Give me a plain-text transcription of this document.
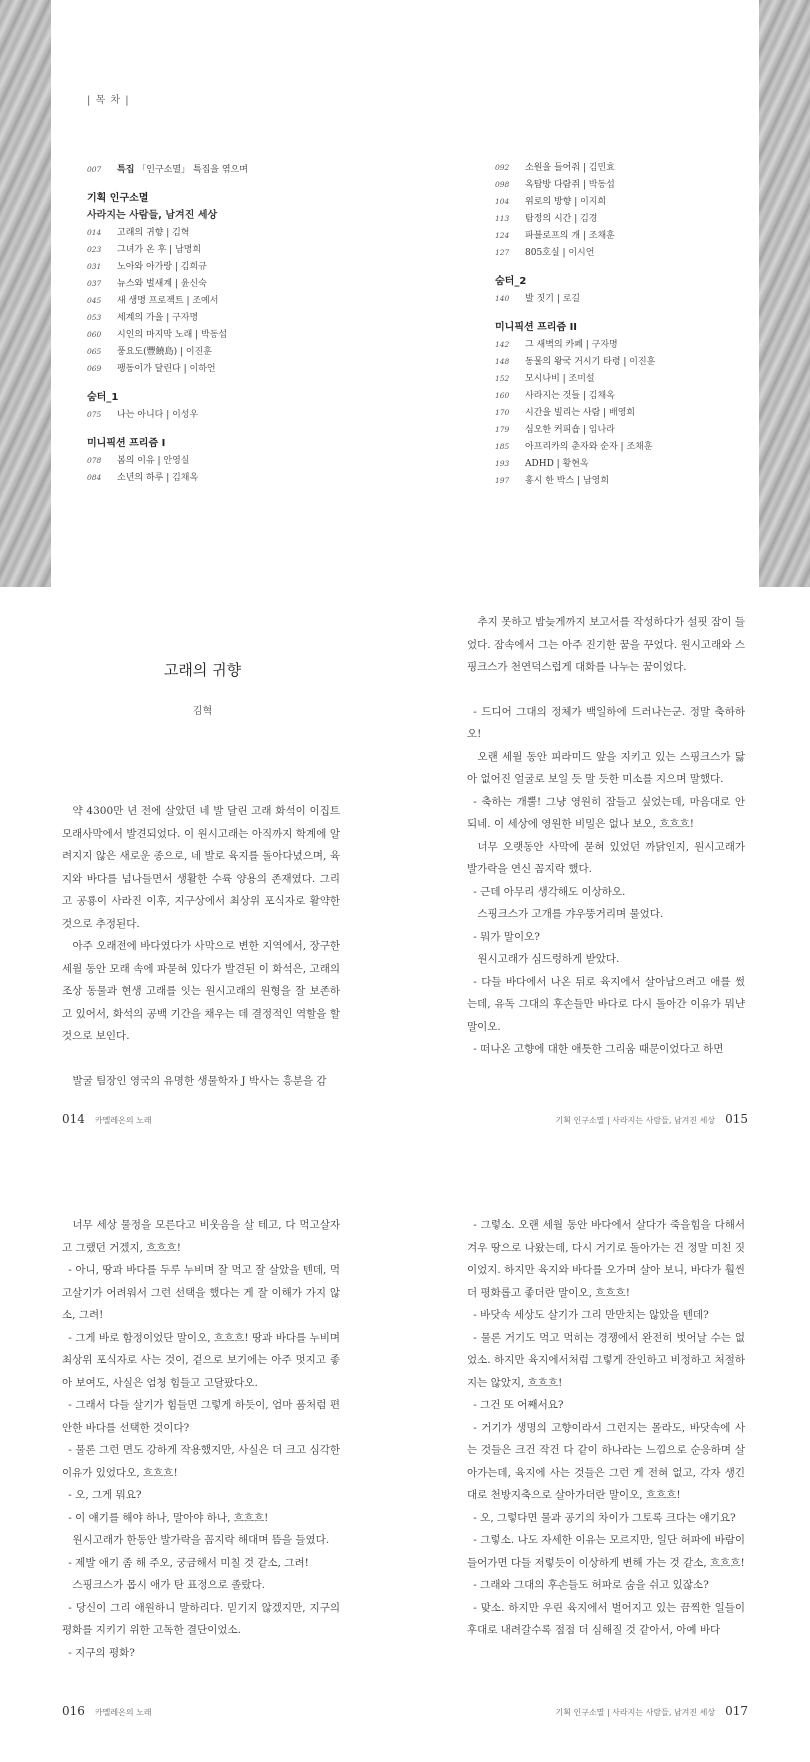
| 목 차 |
007	특집 「인구소멸」 특집을 엮으며
기획 인구소멸
사라지는 사람들, 남겨진 세상
014	고래의 귀향 | 김혁
023	그녀가 온 후 | 남명희
031	노아와 아가랑 | 김희규
037	뉴스와 벌새계 | 윤신숙
045	새 생명 프로젝트 | 조예서
053	세계의 가을 | 구자명
060	시인의 마지막 노래 | 박동섭
065	풍요도(豐饒島) | 이진훈
069	팽동이가 달린다 | 이하언
숨터_1
075	나는 아니다 | 이성우
미니픽션 프리즘 I
078	봄의 이유 | 안영실
084	소년의 하루 | 김채옥
092	소원을 들어줘 | 김민효
098	옥탑방 다람쥐 | 박동섭
104	위로의 방향 | 이지희
113	탐정의 시간 | 김경
124	파블로프의 개 | 조채훈
127	805호실 | 이시언
숨터_2
140	발 짓기 | 로길
미니픽션 프리즘 II
142	그 새벽의 카페 | 구자명
148	동물의 왕국 거시기 타령 | 이진훈
152	모시나비 | 조미설
160	사라지는 것들 | 김채옥
170	시간을 빌리는 사람 | 배영희
179	심오한 커피숍 | 임나라
185	아프리카의 춘자와 순자 | 조채훈
193	ADHD | 황현옥
197	홍시 한 박스 | 남영희
고래의 귀향
김혁

약 4300만 년 전에 살았던 네 발 달린 고래 화석이 이집트 모래사막에서 발견되었다. 이 원시고래는 아직까지 학계에 알려지지 않은 새로운 종으로, 네 발로 육지를 돌아다녔으며, 육지와 바다를 넘나들면서 생활한 수륙 양용의 존재였다. 그리고 공룡이 사라진 이후, 지구상에서 최상위 포식자로 활약한 것으로 추정된다.

아주 오래전에 바다였다가 사막으로 변한 지역에서, 장구한 세월 동안 모래 속에 파묻혀 있다가 발견된 이 화석은, 고래의 조상 동물과 현생 고래를 잇는 원시고래의 원형을 잘 보존하고 있어서, 화석의 공백 기간을 채우는 데 결정적인 역할을 할 것으로 보인다.

발굴 팀장인 영국의 유명한 생물학자 J 박사는 흥분을 감

추지 못하고 밤늦게까지 보고서를 작성하다가 설핏 잠이 들었다. 잠속에서 그는 아주 진기한 꿈을 꾸었다. 원시고래와 스핑크스가 천연덕스럽게 대화를 나누는 꿈이었다.

- 드디어 그대의 정체가 백일하에 드러나는군. 정말 축하하오!

오랜 세월 동안 피라미드 앞을 지키고 있는 스핑크스가 닳아 없어진 얼굴로 보일 듯 말 듯한 미소를 지으며 말했다.

- 축하는 개뿔! 그냥 영원히 잠들고 싶었는데, 마음대로 안 되네. 이 세상에 영원한 비밀은 없나 보오, 흐흐흐!

너무 오랫동안 사막에 묻혀 있었던 까닭인지, 원시고래가 발가락을 연신 꼼지락 했다.

- 근데 아무리 생각해도 이상하오.

스핑크스가 고개를 갸우뚱거리며 물었다.

- 뭐가 말이오?

원시고래가 심드렁하게 받았다.

- 다들 바다에서 나온 뒤로 육지에서 살아남으려고 애를 썼는데, 유독 그대의 후손들만 바다로 다시 돌아간 이유가 뭐냔 말이오.

- 떠나온 고향에 대한 애틋한 그리움 때문이었다고 하면

014 카멜레온의 노래	기획 인구소멸 | 사라지는 사람들, 남겨진 세상 015

너무 세상 물정을 모른다고 비웃음을 살 테고, 다 먹고살자고 그랬던 거겠지, 흐흐흐!

- 아니, 땅과 바다를 두루 누비며 잘 먹고 잘 살았을 텐데, 먹고살기가 어려워서 그런 선택을 했다는 게 잘 이해가 가지 않소, 그려!

- 그게 바로 함정이었단 말이오, 흐흐흐! 땅과 바다를 누비며 최상위 포식자로 사는 것이, 겉으로 보기에는 아주 멋지고 좋아 보여도, 사실은 엄청 힘들고 고달팠다오.

- 그래서 다들 살기가 힘들면 그렇게 하듯이, 엄마 품처럼 편안한 바다를 선택한 것이다?

- 물론 그런 면도 강하게 작용했지만, 사실은 더 크고 심각한 이유가 있었다오, 흐흐흐!

- 오, 그게 뭐요?

- 이 얘기를 해야 하나, 말아야 하나, 흐흐흐!

원시고래가 한동안 발가락을 꼼지락 해대며 뜸을 들였다.

- 제발 애기 좀 해 주오, 궁금해서 미칠 것 같소, 그려!

스핑크스가 몹시 애가 탄 표정으로 졸랐다.

- 당신이 그리 애원하니 말하리다. 믿기지 않겠지만, 지구의 평화를 지키기 위한 고독한 결단이었소.

- 지구의 평화?

- 그렇소. 오랜 세월 동안 바다에서 살다가 죽을힘을 다해서 겨우 땅으로 나왔는데, 다시 거기로 돌아가는 건 정말 미친 짓이었지. 하지만 육지와 바다를 오가며 살아 보니, 바다가 훨씬 더 평화롭고 좋더란 말이오, 흐흐흐!

- 바닷속 세상도 살기가 그리 만만치는 않았을 텐데?

- 물론 거기도 먹고 먹히는 경쟁에서 완전히 벗어날 수는 없었소. 하지만 육지에서처럼 그렇게 잔인하고 비정하고 처절하지는 않았지, 흐흐흐!

- 그건 또 어째서요?

- 거기가 생명의 고향이라서 그런지는 몰라도, 바닷속에 사는 것들은 크건 작건 다 같이 하나라는 느낌으로 순응하며 살아가는데, 육지에 사는 것들은 그런 게 전혀 없고, 각자 생긴 대로 천방지축으로 살아가더란 말이오, 흐흐흐!

- 오, 그렇다면 물과 공기의 차이가 그토록 크다는 얘기요?

- 그렇소. 나도 자세한 이유는 모르지만, 일단 허파에 바람이 들어가면 다들 저렇듯이 이상하게 변해 가는 것 같소, 흐흐흐!

- 그래와 그대의 후손들도 허파로 숨을 쉬고 있잖소?

- 맞소. 하지만 우린 육지에서 벌어지고 있는 끔찍한 일들이 후대로 내려갈수록 점점 더 심해질 것 같아서, 아예 바다

016 카멜레온의 노래	기획 인구소멸 | 사라지는 사람들, 남겨진 세상 017
